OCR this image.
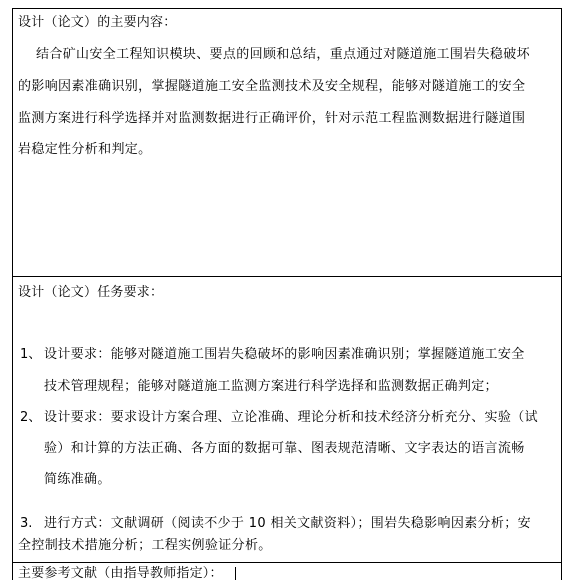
设计（论文）的主要内容：
结合矿山安全工程知识模块、要点的回顾和总结，重点通过对隧道施工围岩失稳破坏
的影响因素准确识别，掌握隧道施工安全监测技术及安全规程，能够对隧道施工的安全
监测方案进行科学选择并对监测数据进行正确评价，针对示范工程监测数据进行隧道围
岩稳定性分析和判定。
设计（论文）任务要求：
1、 设计要求：能够对隧道施工围岩失稳破坏的影响因素准确识别；掌握隧道施工安全
技术管理规程；能够对隧道施工监测方案进行科学选择和监测数据正确判定；
2、 设计要求：要求设计方案合理、立论准确、理论分析和技术经济分析充分、实验（试
验）和计算的方法正确、各方面的数据可靠、图表规范清晰、文字表达的语言流畅
简练准确。
3. 进行方式：文献调研（阅读不少于 10 相关文献资料）；围岩失稳影响因素分析；安
全控制技术措施分析；工程实例验证分析。
主要参考文献（由指导教师指定）：
